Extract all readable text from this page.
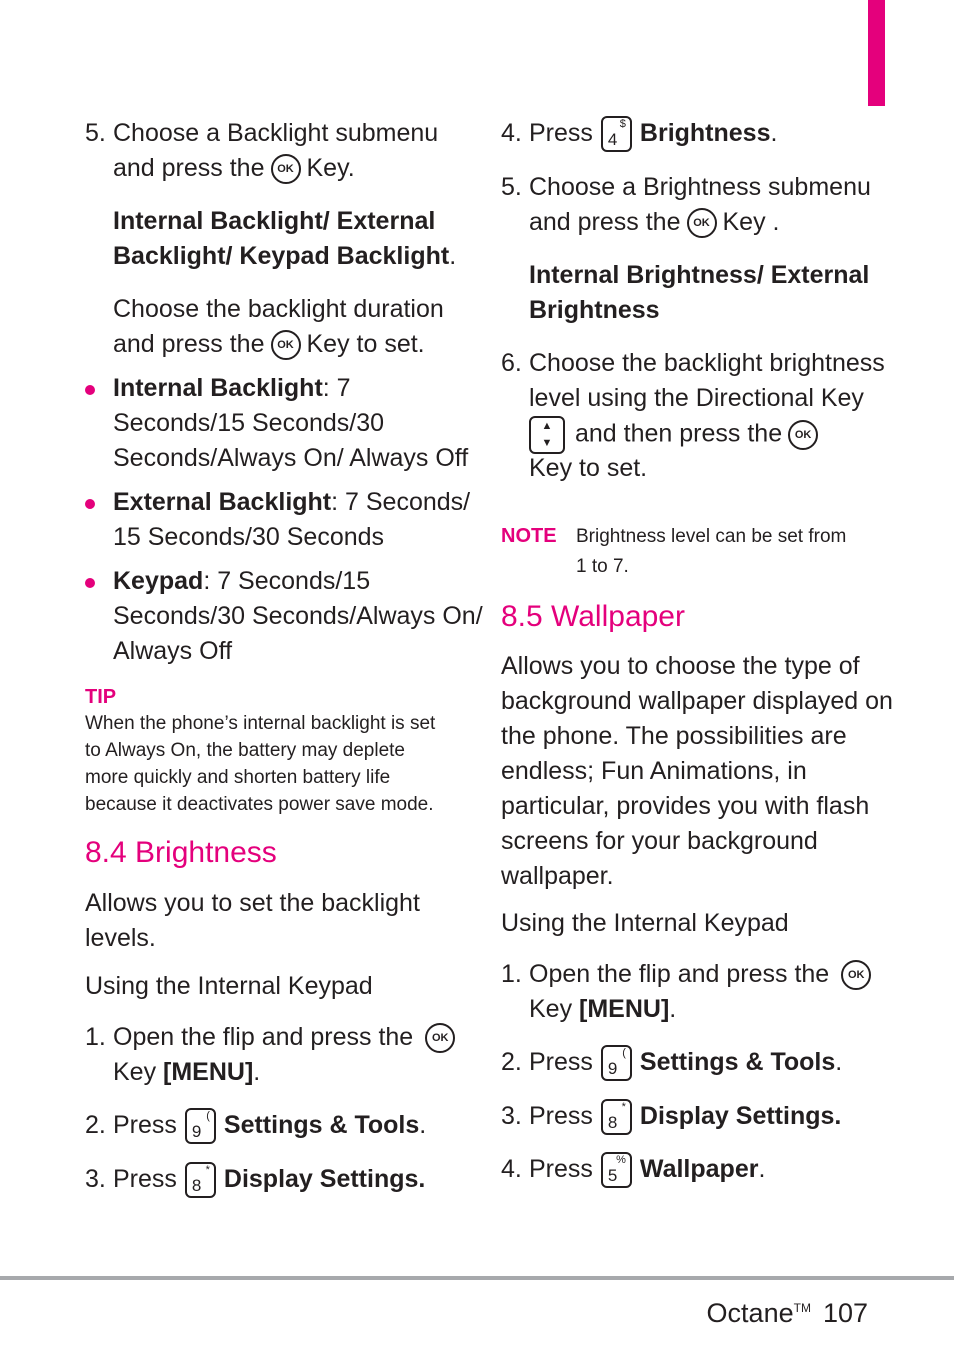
5. Choose a Backlight submenu
and press the OK Key.
Internal Backlight/ External
Backlight/ Keypad Backlight.
Choose the backlight duration
and press the OK Key to set.
Internal Backlight: 7
Seconds/15 Seconds/30
Seconds/Always On/ Always Off
External Backlight: 7 Seconds/
15 Seconds/30 Seconds
Keypad: 7 Seconds/15
Seconds/30 Seconds/Always On/
Always Off
TIP
When the phone’s internal backlight is set
to Always On, the battery may deplete
more quickly and shorten battery life
because it deactivates power save mode.
8.4 Brightness
Allows you to set the backlight
levels.
Using the Internal Keypad
1. Open the flip and press the OK
Key [MENU].
2. Press 9
( Settings & Tools.
3. Press 8
* Display Settings.
4. Press 4
$ Brightness.
5. Choose a Brightness submenu
and press the OK Key .
Internal Brightness/ External
Brightness
6. Choose the backlight brightness
level using the Directional Key
▲
▼ and then press the OK
Key to set.
NOTE Brightness level can be set from
1 to 7.
8.5 Wallpaper
Allows you to choose the type of
background wallpaper displayed on
the phone. The possibilities are
endless; Fun Animations, in
particular, provides you with flash
screens for your background
wallpaper.
Using the Internal Keypad
1. Open the flip and press the OK
Key [MENU].
2. Press 9
( Settings & Tools.
3. Press 8
* Display Settings.
4. Press 5
% Wallpaper.
Octane™ 107
